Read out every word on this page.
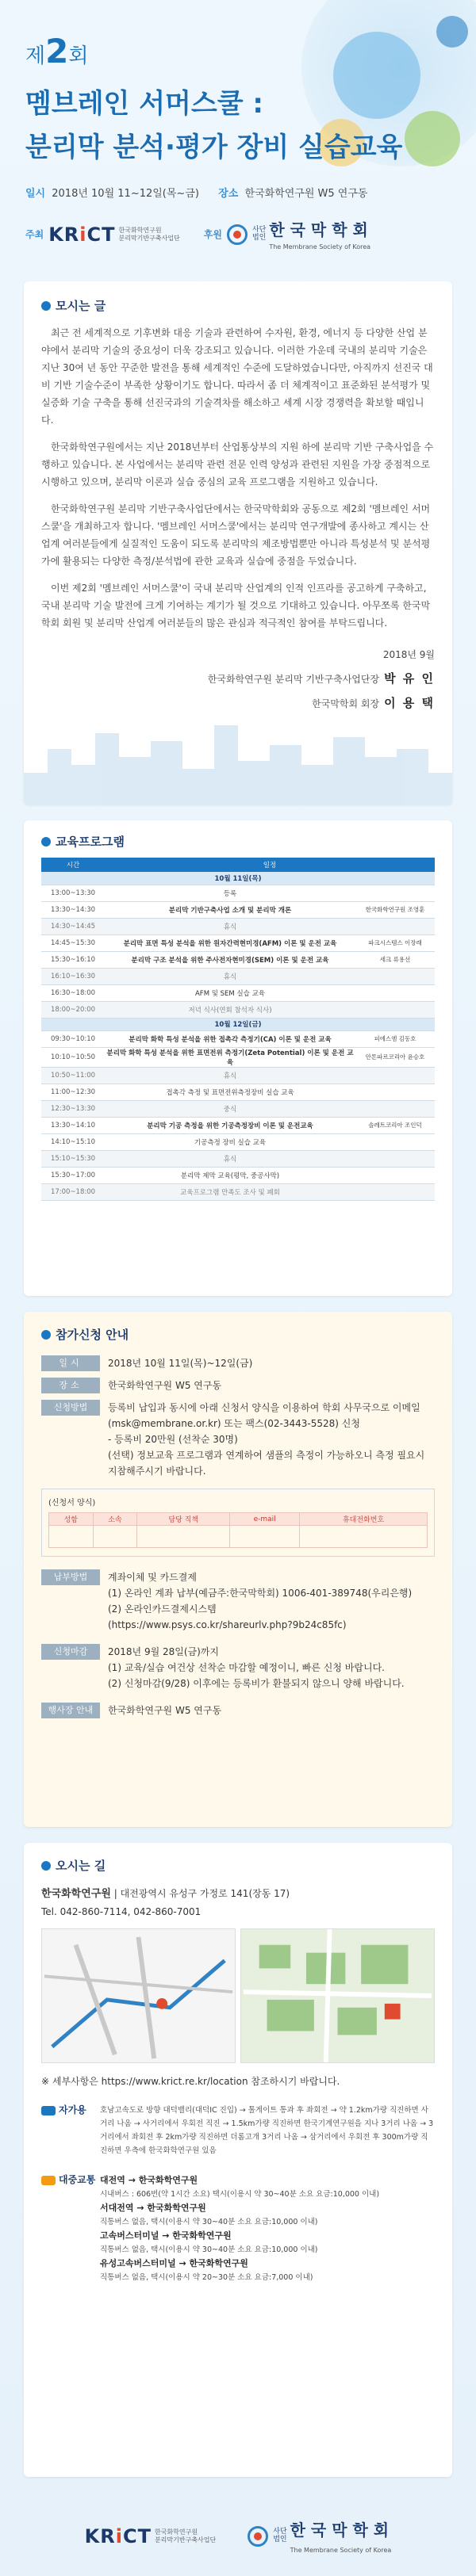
제2회
멤브레인 서머스쿨 :
분리막 분석·평가 장비 실습교육
일시 2018년 10월 11~12일(목~금) 장소 한국화학연구원 W5 연구동
주최 KRiCT 한국화학연구원
분리막기반구축사업단	후원	사단
법인 한 국 막 학 회
The Membrane Society of Korea
모시는 글

최근 전 세계적으로 기후변화 대응 기술과 관련하여 수자원, 환경, 에너지 등 다양한 산업 분야에서 분리막 기술의 중요성이 더욱 강조되고 있습니다. 이러한 가운데 국내의 분리막 기술은 지난 30여 년 동안 꾸준한 발전을 통해 세계적인 수준에 도달하였습니다만, 아직까지 선진국 대비 기반 기술수준이 부족한 상황이기도 합니다. 따라서 좀 더 체계적이고 표준화된 분석평가 및 실증화 기술 구축을 통해 선진국과의 기술격차를 해소하고 세계 시장 경쟁력을 확보할 때입니다.

한국화학연구원에서는 지난 2018년부터 산업통상부의 지원 하에 분리막 기반 구축사업을 수행하고 있습니다. 본 사업에서는 분리막 관련 전문 인력 양성과 관련된 지원을 가장 중점적으로 시행하고 있으며, 분리막 이론과 실습 중심의 교육 프로그램을 지원하고 있습니다.

한국화학연구원 분리막 기반구축사업단에서는 한국막학회와 공동으로 제2회 '멤브레인 서머스쿨'을 개최하고자 합니다. '멤브레인 서머스쿨'에서는 분리막 연구개발에 종사하고 계시는 산업계 여러분들에게 실질적인 도움이 되도록 분리막의 제조방법뿐만 아니라 특성분석 및 분석평가에 활용되는 다양한 측정/분석법에 관한 교육과 실습에 중점을 두었습니다.

이번 제2회 '멤브레인 서머스쿨'이 국내 분리막 산업계의 인적 인프라를 공고하게 구축하고, 국내 분리막 기술 발전에 크게 기여하는 계기가 될 것으로 기대하고 있습니다. 아무쪼록 한국막학회 회원 및 분리막 산업계 여러분들의 많은 관심과 적극적인 참여를 부탁드립니다.

2018년 9월
한국화학연구원 분리막 기반구축사업단장 박 유 인
한국막학회 회장 이 용 택
교육프로그램
시간	일정	
10월 11일(목)		
13:00~13:30	등록	
13:30~14:30	분리막 기반구축사업 소개 및 분리막 개론	한국화학연구원 조영훈
14:30~14:45	휴식	
14:45~15:30	분리막 표면 특성 분석을 위한 원자간력현미경(AFM) 이론 및 운전 교육	파크시스템스 이장래
15:30~16:10	분리막 구조 분석을 위한 주사전자현미경(SEM) 이론 및 운전 교육	세크 류용선
16:10~16:30	휴식	
16:30~18:00	AFM 및 SEM 실습 교육	
18:00~20:00	저녁 식사(연회 참석자 식사)	
10월 12일(금)		
09:30~10:10	분리막 화학 특성 분석을 위한 접촉각 측정기(CA) 이론 및 운전 교육	피에스엠 김동호
10:10~10:50	분리막 화학 특성 분석을 위한 표면전위 측정기(Zeta Potential) 이론 및 운전 교육	안톤파르코리아 윤승호
10:50~11:00	휴식	
11:00~12:30	접촉각 측정 및 표면전위측정장비 실습 교육	
12:30~13:30	중식	
13:30~14:10	분리막 기공 측정을 위한 기공측정장비 이론 및 운전교육	솔레트코리아 조인덕
14:10~15:10	기공측정 장비 실습 교육	
15:10~15:30	휴식	
15:30~17:00	분리막 제막 교육(평막, 중공사막)	
17:00~18:00	교육프로그램 만족도 조사 및 폐회	
참가신청 안내
일시	2018년 10월 11일(목)~12일(금)
장소	한국화학연구원 W5 연구동
신청방법	등록비 납입과 동시에 아래 신청서 양식을 이용하여 학회 사무국으로 이메일(msk@membrane.or.kr) 또는 팩스(02-3443-5528) 신청
- 등록비 20만원 (선착순 30명)
(선택) 정보교육 프로그램과 연계하여 샘플의 측정이 가능하오니 측정 필요시 지참해주시기 바랍니다.
(신청서 양식)
성함	소속	담당 직책	e-mail	휴대전화번호

납부방법	계좌이체 및 카드결제
(1) 온라인 계좌 납부(예금주:한국막학회) 1006-401-389748(우리은행)
(2) 온라인카드결제시스템
(https://www.psys.co.kr/shareurlv.php?9b24c85fc)
신청마감	2018년 9월 28일(금)까지
(1) 교육/실습 여건상 선착순 마감할 예정이니, 빠른 신청 바랍니다.
(2) 신청마감(9/28) 이후에는 등록비가 환불되지 않으니 양해 바랍니다.
행사장 안내	한국화학연구원 W5 연구동
오시는 길
한국화학연구원 | 대전광역시 유성구 가정로 141(장동 17)
Tel. 042-860-7114, 042-860-7001
※ 세부사항은 https://www.krict.re.kr/location 참조하시기 바랍니다.
자가용 호남고속도로 방향 대덕밸리(대덕IC 진입) → 톨게이트 통과 후 좌회전 → 약 1.2km가량 직진하면 사거리 나옴 → 사거리에서 우회전 직진 → 1.5km가량 직진하면 한국기계연구원을 지나 3거리 나옴 → 3거리에서 좌회전 후 2km가량 직진하면 더롬고개 3거리 나옴 → 삼거리에서 우회전 후 300m가량 직진하면 우측에 한국화학연구원 있음
대중교통 대전역 → 한국화학연구원
시내버스 : 606번(약 1시간 소요) 택시(이용시 약 30~40분 소요 요금:10,000 이내)
서대전역 → 한국화학연구원
직통버스 없음, 택시(이용시 약 30~40분 소요 요금:10,000 이내)
고속버스터미널 → 한국화학연구원
직통버스 없음, 택시(이용시 약 30~40분 소요 요금:10,000 이내)
유성고속버스터미널 → 한국화학연구원
직통버스 없음, 택시(이용시 약 20~30분 소요 요금:7,000 이내)
KRiCT 한국화학연구원
분리막기반구축사업단
사단
법인 한 국 막 학 회
The Membrane Society of Korea
